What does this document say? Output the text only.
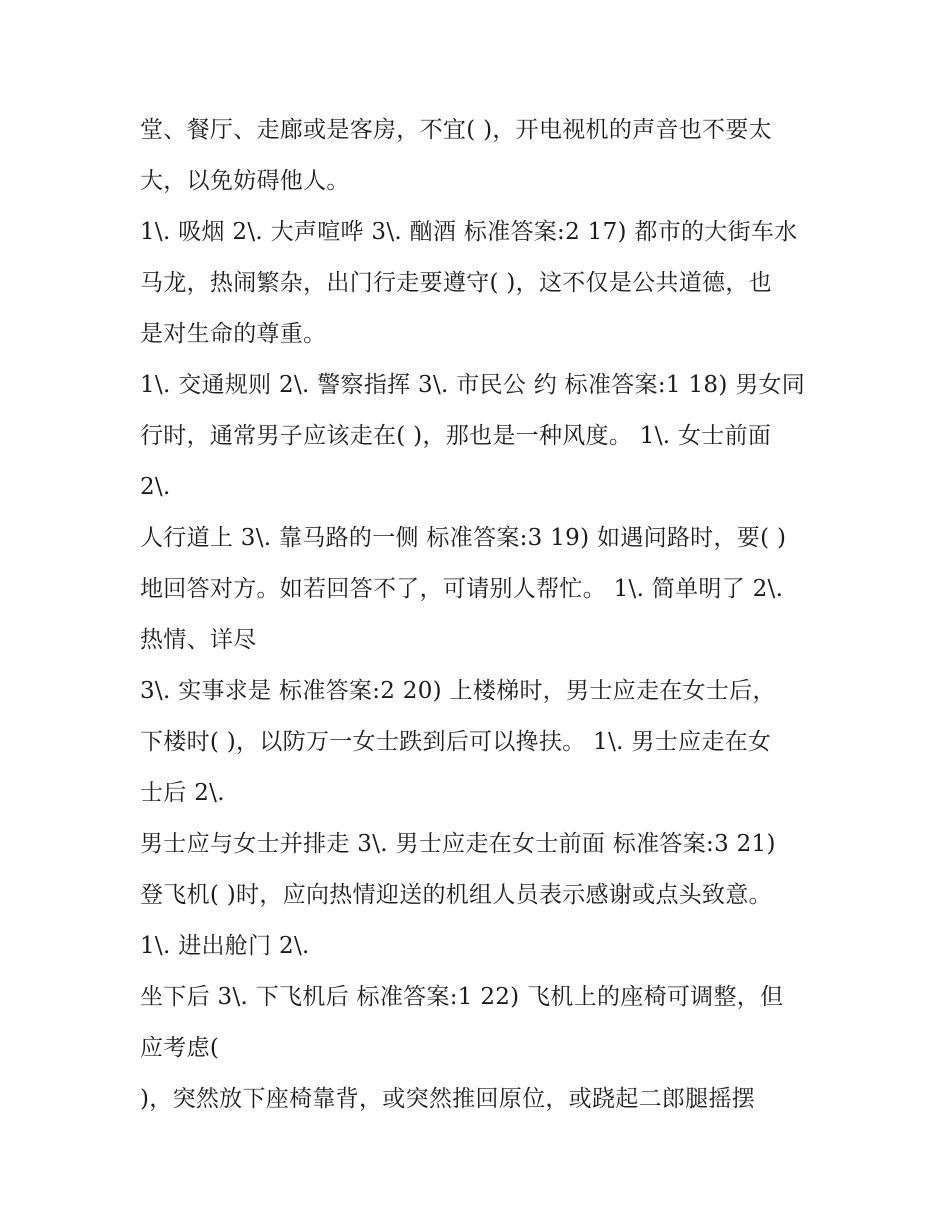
堂、餐厅、走廊或是客房，不宜( )，开电视机的声音也不要太
大，以免妨碍他人。
1\. 吸烟 2\. 大声喧哗 3\. 酗酒 标准答案:2 17) 都市的大街车水
马龙，热闹繁杂，出门行走要遵守( )，这不仅是公共道德，也
是对生命的尊重。
1\. 交通规则 2\. 警察指挥 3\. 市民公 约 标准答案:1 18) 男女同
行时，通常男子应该走在( )，那也是一种风度。 1\. 女士前面
2\.
人行道上 3\. 靠马路的一侧 标准答案:3 19) 如遇问路时，要( )
地回答对方。如若回答不了，可请别人帮忙。 1\. 简单明了 2\.
热情、详尽
3\. 实事求是 标准答案:2 20) 上楼梯时，男士应走在女士后，
下楼时( )，以防万一女士跌到后可以搀扶。 1\. 男士应走在女
士后 2\.
男士应与女士并排走 3\. 男士应走在女士前面 标准答案:3 21)
登飞机( )时，应向热情迎送的机组人员表示感谢或点头致意。
1\. 进出舱门 2\.
坐下后 3\. 下飞机后 标准答案:1 22) 飞机上的座椅可调整，但
应考虑(
)，突然放下座椅靠背，或突然推回原位，或跷起二郎腿摇摆
